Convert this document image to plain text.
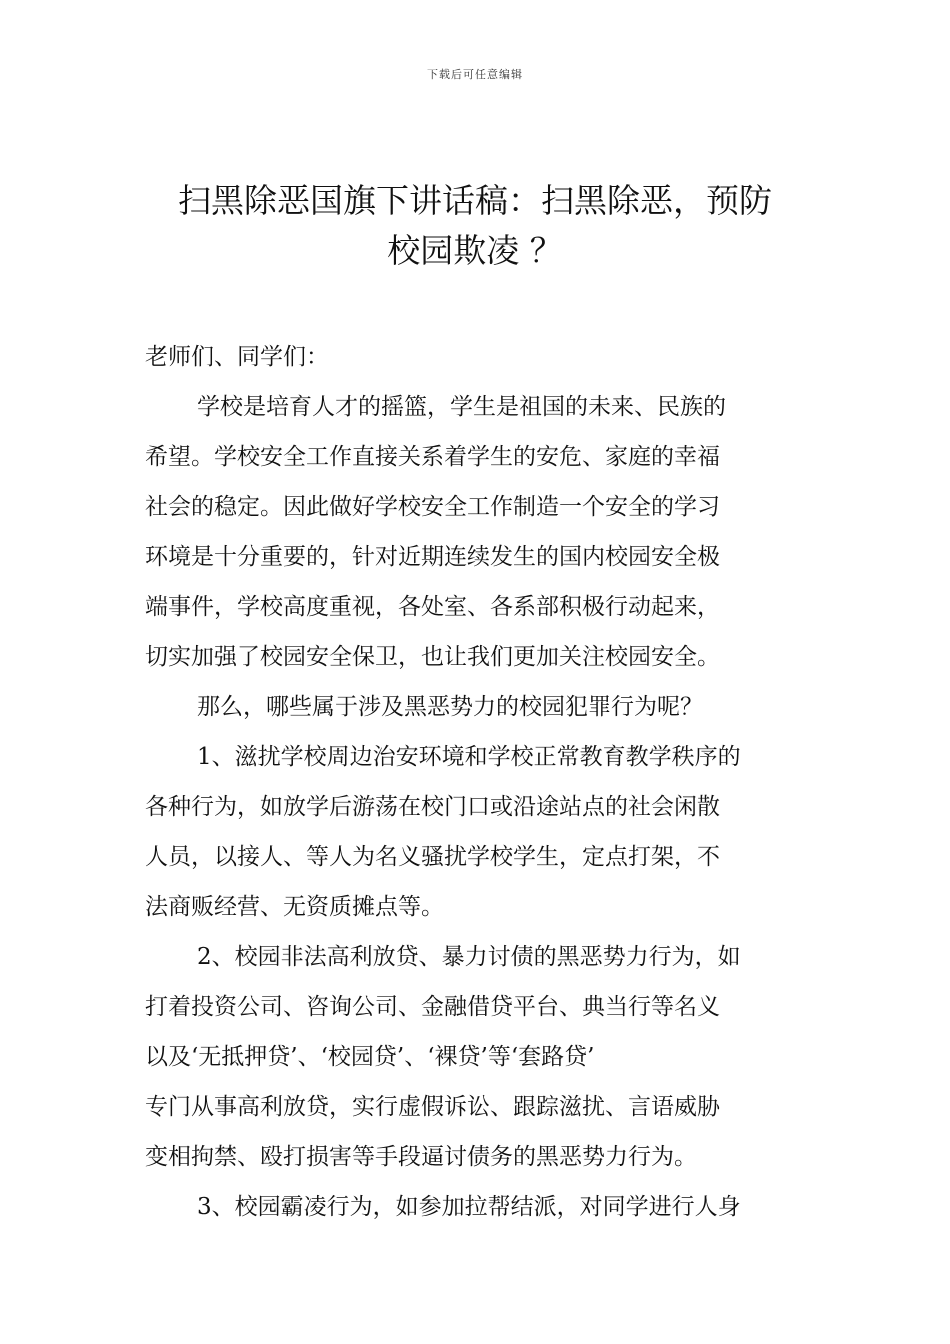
下载后可任意编辑
扫黑除恶国旗下讲话稿：扫黑除恶，预防
校园欺凌 ？
老师们、同学们：
学校是培育人才的摇篮，学生是祖国的未来、民族的
希望。学校安全工作直接关系着学生的安危、家庭的幸福
社会的稳定。因此做好学校安全工作制造一个安全的学习
环境是十分重要的，针对近期连续发生的国内校园安全极
端事件，学校高度重视，各处室、各系部积极行动起来，
切实加强了校园安全保卫，也让我们更加关注校园安全。
那么，哪些属于涉及黑恶势力的校园犯罪行为呢？
1、滋扰学校周边治安环境和学校正常教育教学秩序的
各种行为，如放学后游荡在校门口或沿途站点的社会闲散
人员，以接人、等人为名义骚扰学校学生，定点打架，不
法商贩经营、无资质摊点等。
2、校园非法高利放贷、暴力讨债的黑恶势力行为，如
打着投资公司、咨询公司、金融借贷平台、典当行等名义
以及‘无抵押贷’、‘校园贷’、‘裸贷’等‘套路贷’
专门从事高利放贷，实行虚假诉讼、跟踪滋扰、言语威胁
变相拘禁、殴打损害等手段逼讨债务的黑恶势力行为。
3、校园霸凌行为，如参加拉帮结派，对同学进行人身
